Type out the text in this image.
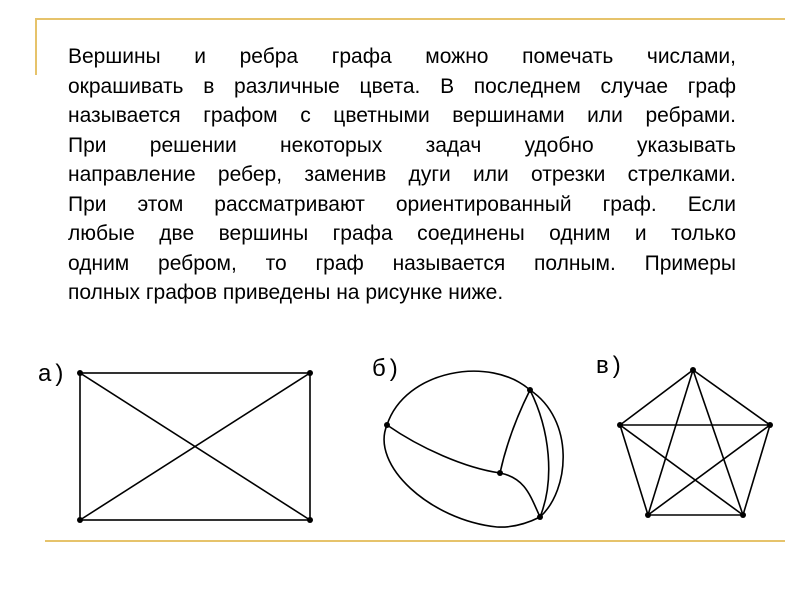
Вершины и ребра графа можно помечать числами,
окрашивать в различные цвета. В последнем случае граф
называется графом с цветными вершинами или ребрами.
При решении некоторых задач удобно указывать
направление ребер, заменив дуги или отрезки стрелками.
При этом рассматривают ориентированный граф. Если
любые две вершины графа соединены одним и только
одним ребром, то граф называется полным. Примеры
полных графов приведены на рисунке ниже.
а)	б)	в)
